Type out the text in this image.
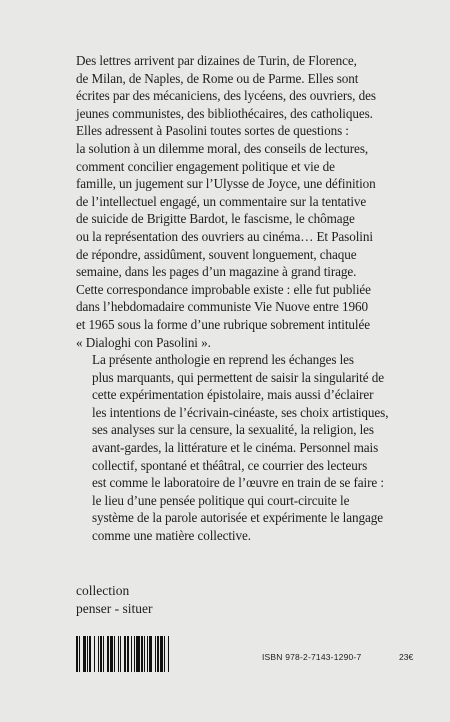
Des lettres arrivent par dizaines de Turin, de Florence,
de Milan, de Naples, de Rome ou de Parme. Elles sont
écrites par des mécaniciens, des lycéens, des ouvriers, des
jeunes communistes, des bibliothécaires, des catholiques.
Elles adressent à Pasolini toutes sortes de questions :
la solution à un dilemme moral, des conseils de lectures,
comment concilier engagement politique et vie de
famille, un jugement sur l’Ulysse de Joyce, une définition
de l’intellectuel engagé, un commentaire sur la tentative
de suicide de Brigitte Bardot, le fascisme, le chômage
ou la représentation des ouvriers au cinéma… Et Pasolini
de répondre, assidûment, souvent longuement, chaque
semaine, dans les pages d’un magazine à grand tirage.
Cette correspondance improbable existe : elle fut publiée
dans l’hebdomadaire communiste Vie Nuove entre 1960
et 1965 sous la forme d’une rubrique sobrement intitulée
« Dialoghi con Pasolini ».

La présente anthologie en reprend les échanges les
plus marquants, qui permettent de saisir la singularité de
cette expérimentation épistolaire, mais aussi d’éclairer
les intentions de l’écrivain-cinéaste, ses choix artistiques,
ses analyses sur la censure, la sexualité, la religion, les
avant-gardes, la littérature et le cinéma. Personnel mais
collectif, spontané et théâtral, ce courrier des lecteurs
est comme le laboratoire de l’œuvre en train de se faire :
le lieu d’une pensée politique qui court-circuite le
système de la parole autorisée et expérimente le langage
comme une matière collective.

collection
penser - situer
ISBN 978-2-7143-1290-7	23€
